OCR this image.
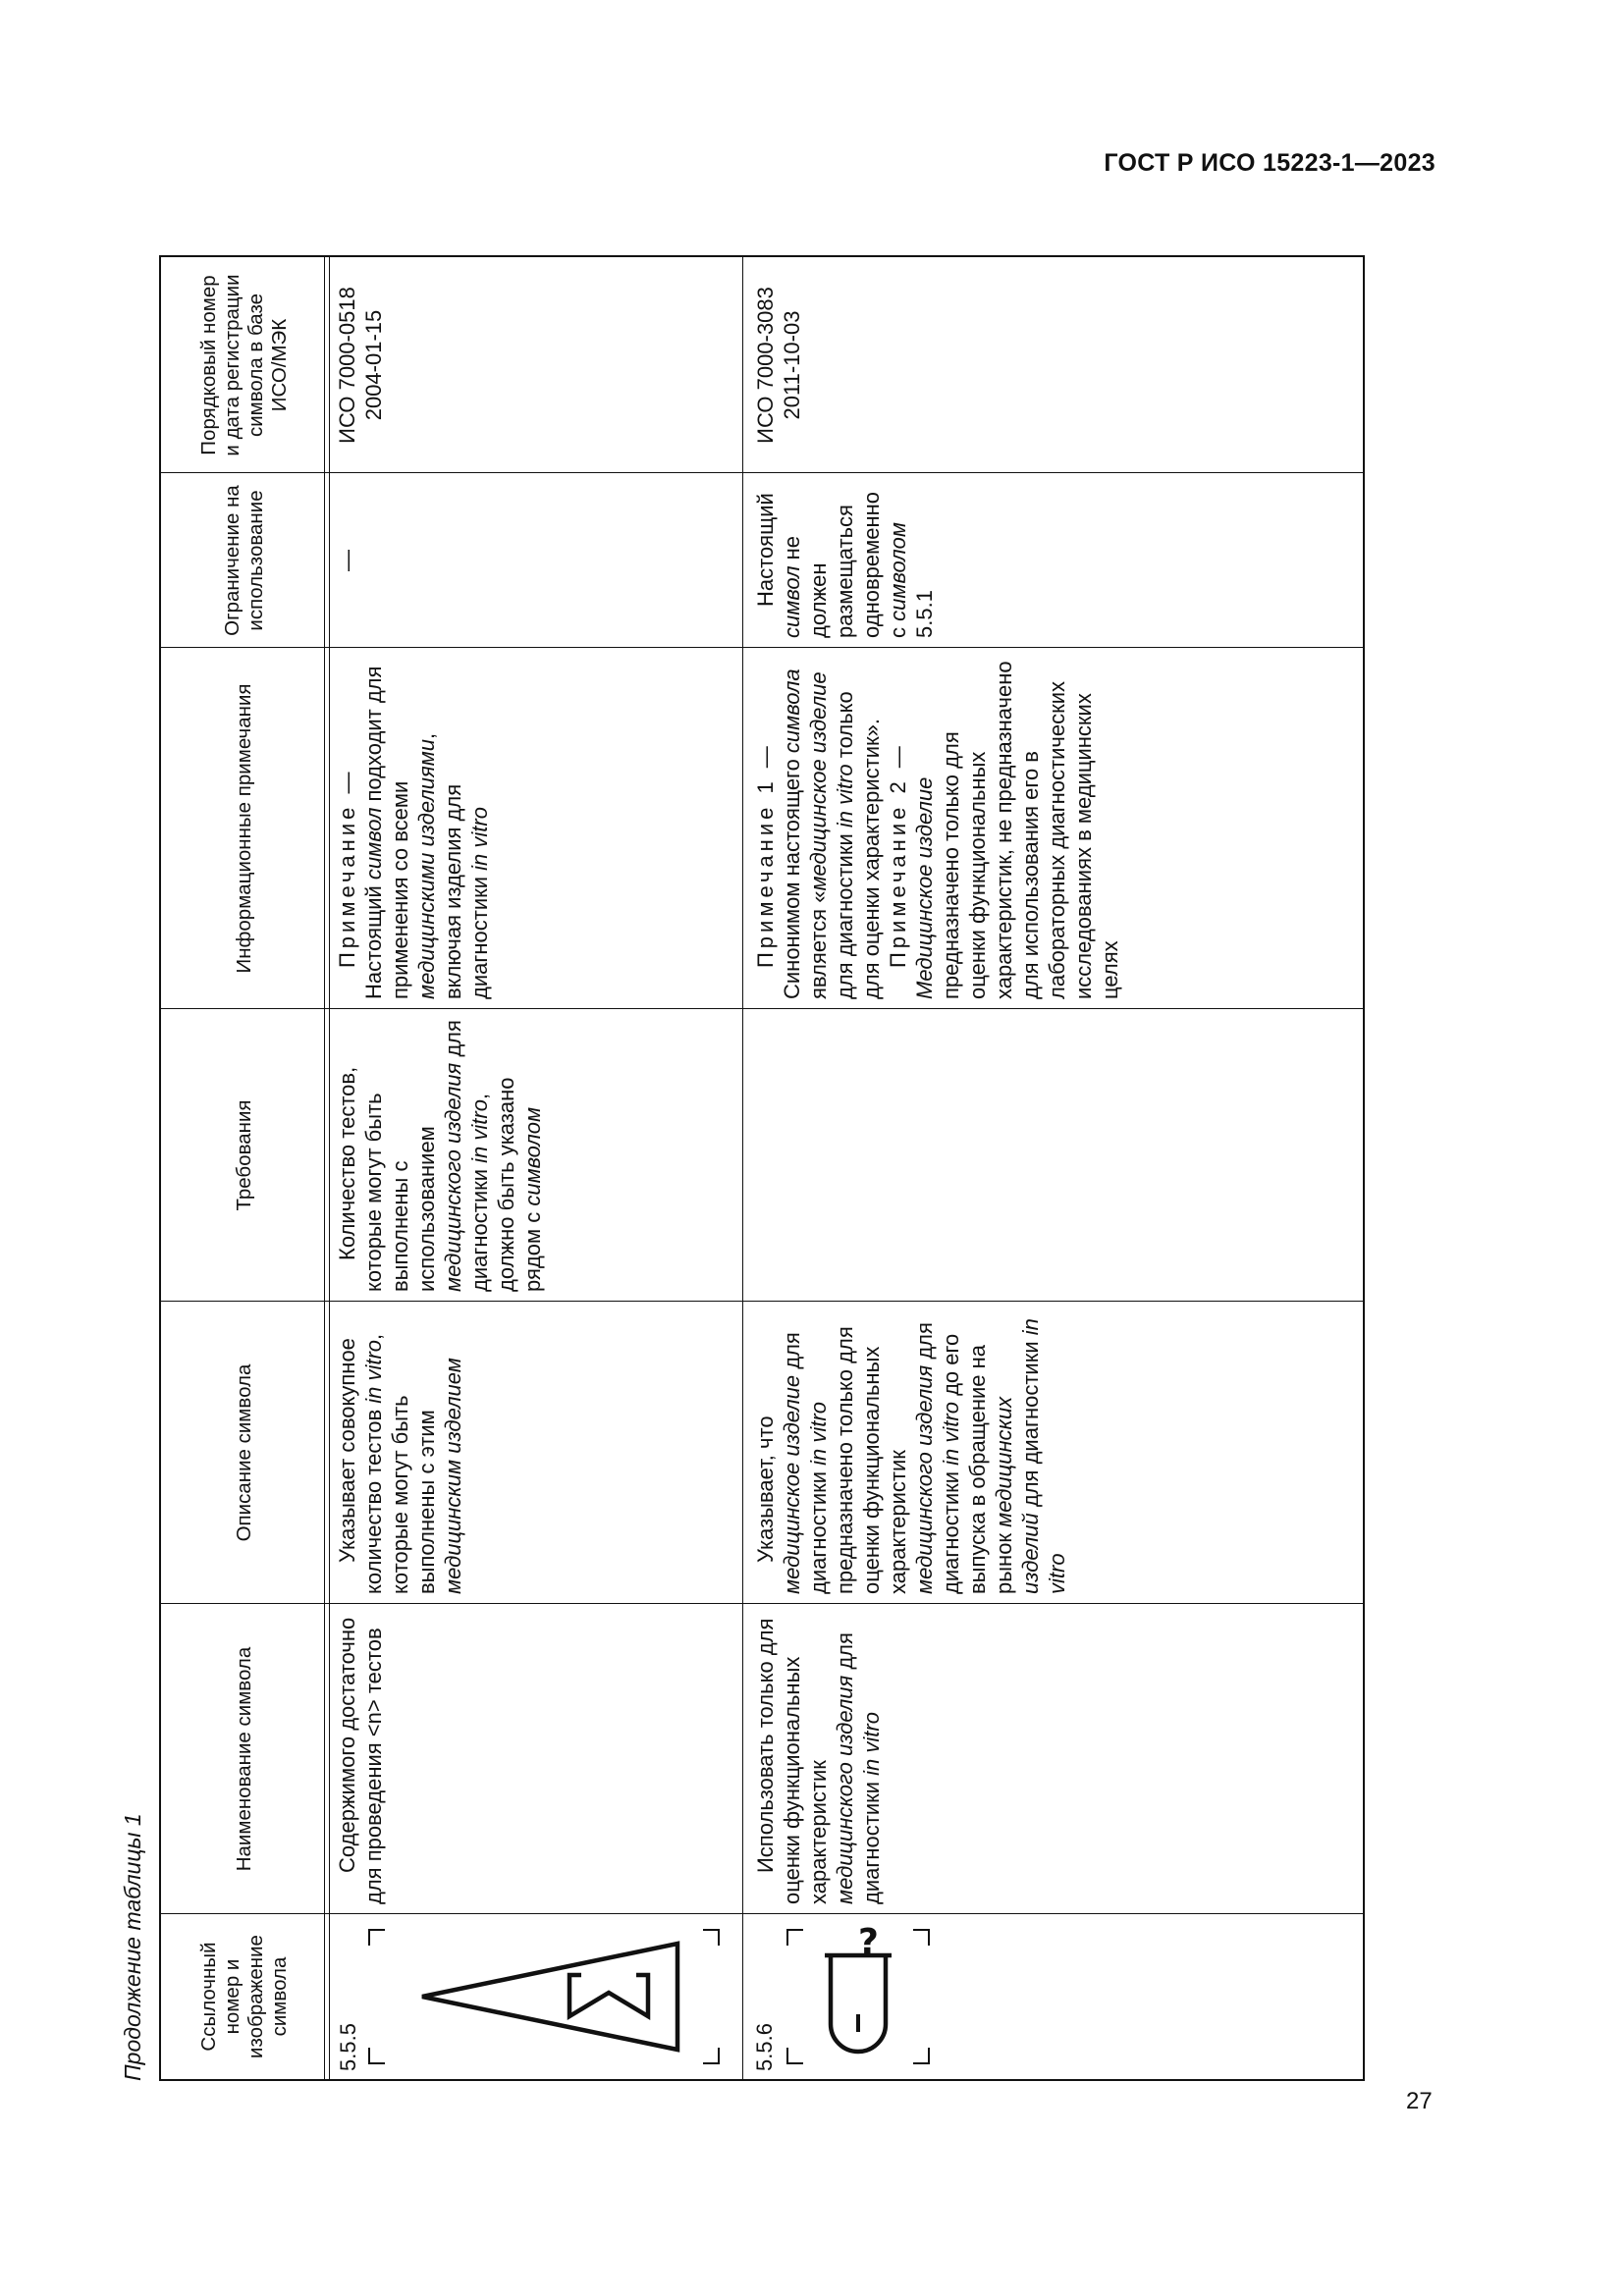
ГОСТ Р ИСО 15223-1—2023
27
Продолжение таблицы 1	Ссылочный номер и изображение символа
Наименование символа
Описание символа
Требования
Информационные примечания
Ограничение на использование
Порядковый номер и дата регистрации символа в базе ИСО/МЭК
5.5.5
Содержимого достаточно для проведения <n> тестов
Указывает совокупное количество тестов in vitro, которые могут быть выполнены с этим медицинским изделием
Количество тестов, которые могут быть выполнены с использованием медицинского изделия для диагностики in vitro, должно быть указано рядом с символом
Примечание — Настоящий символ подходит для применения со всеми медицинскими изделиями, включая изделия для диагностики in vitro
—
ИСО 7000-0518 2004-01-15
5.5.6
?
Использовать только для оценки функциональных характеристик медицинского изделия для диагностики in vitro
Указывает, что медицинское изделие для диагностики in vitro предназначено только для оценки функциональных характеристик медицинского изделия для диагностики in vitro до его выпуска в обращение на рынок медицинских изделий для диагностики in vitro
Примечание 1 — Синонимом настоящего символа является «медицинское изделие для диагностики in vitro только для оценки характеристик». Примечание 2 — Медицинское изделие предназначено только для оценки функциональных характеристик, не предназначено для использования его в лабораторных диагностических исследованиях в медицинских целях
Настоящий символ не должен размещаться одновременно с символом 5.5.1
ИСО 7000-3083 2011-10-03
